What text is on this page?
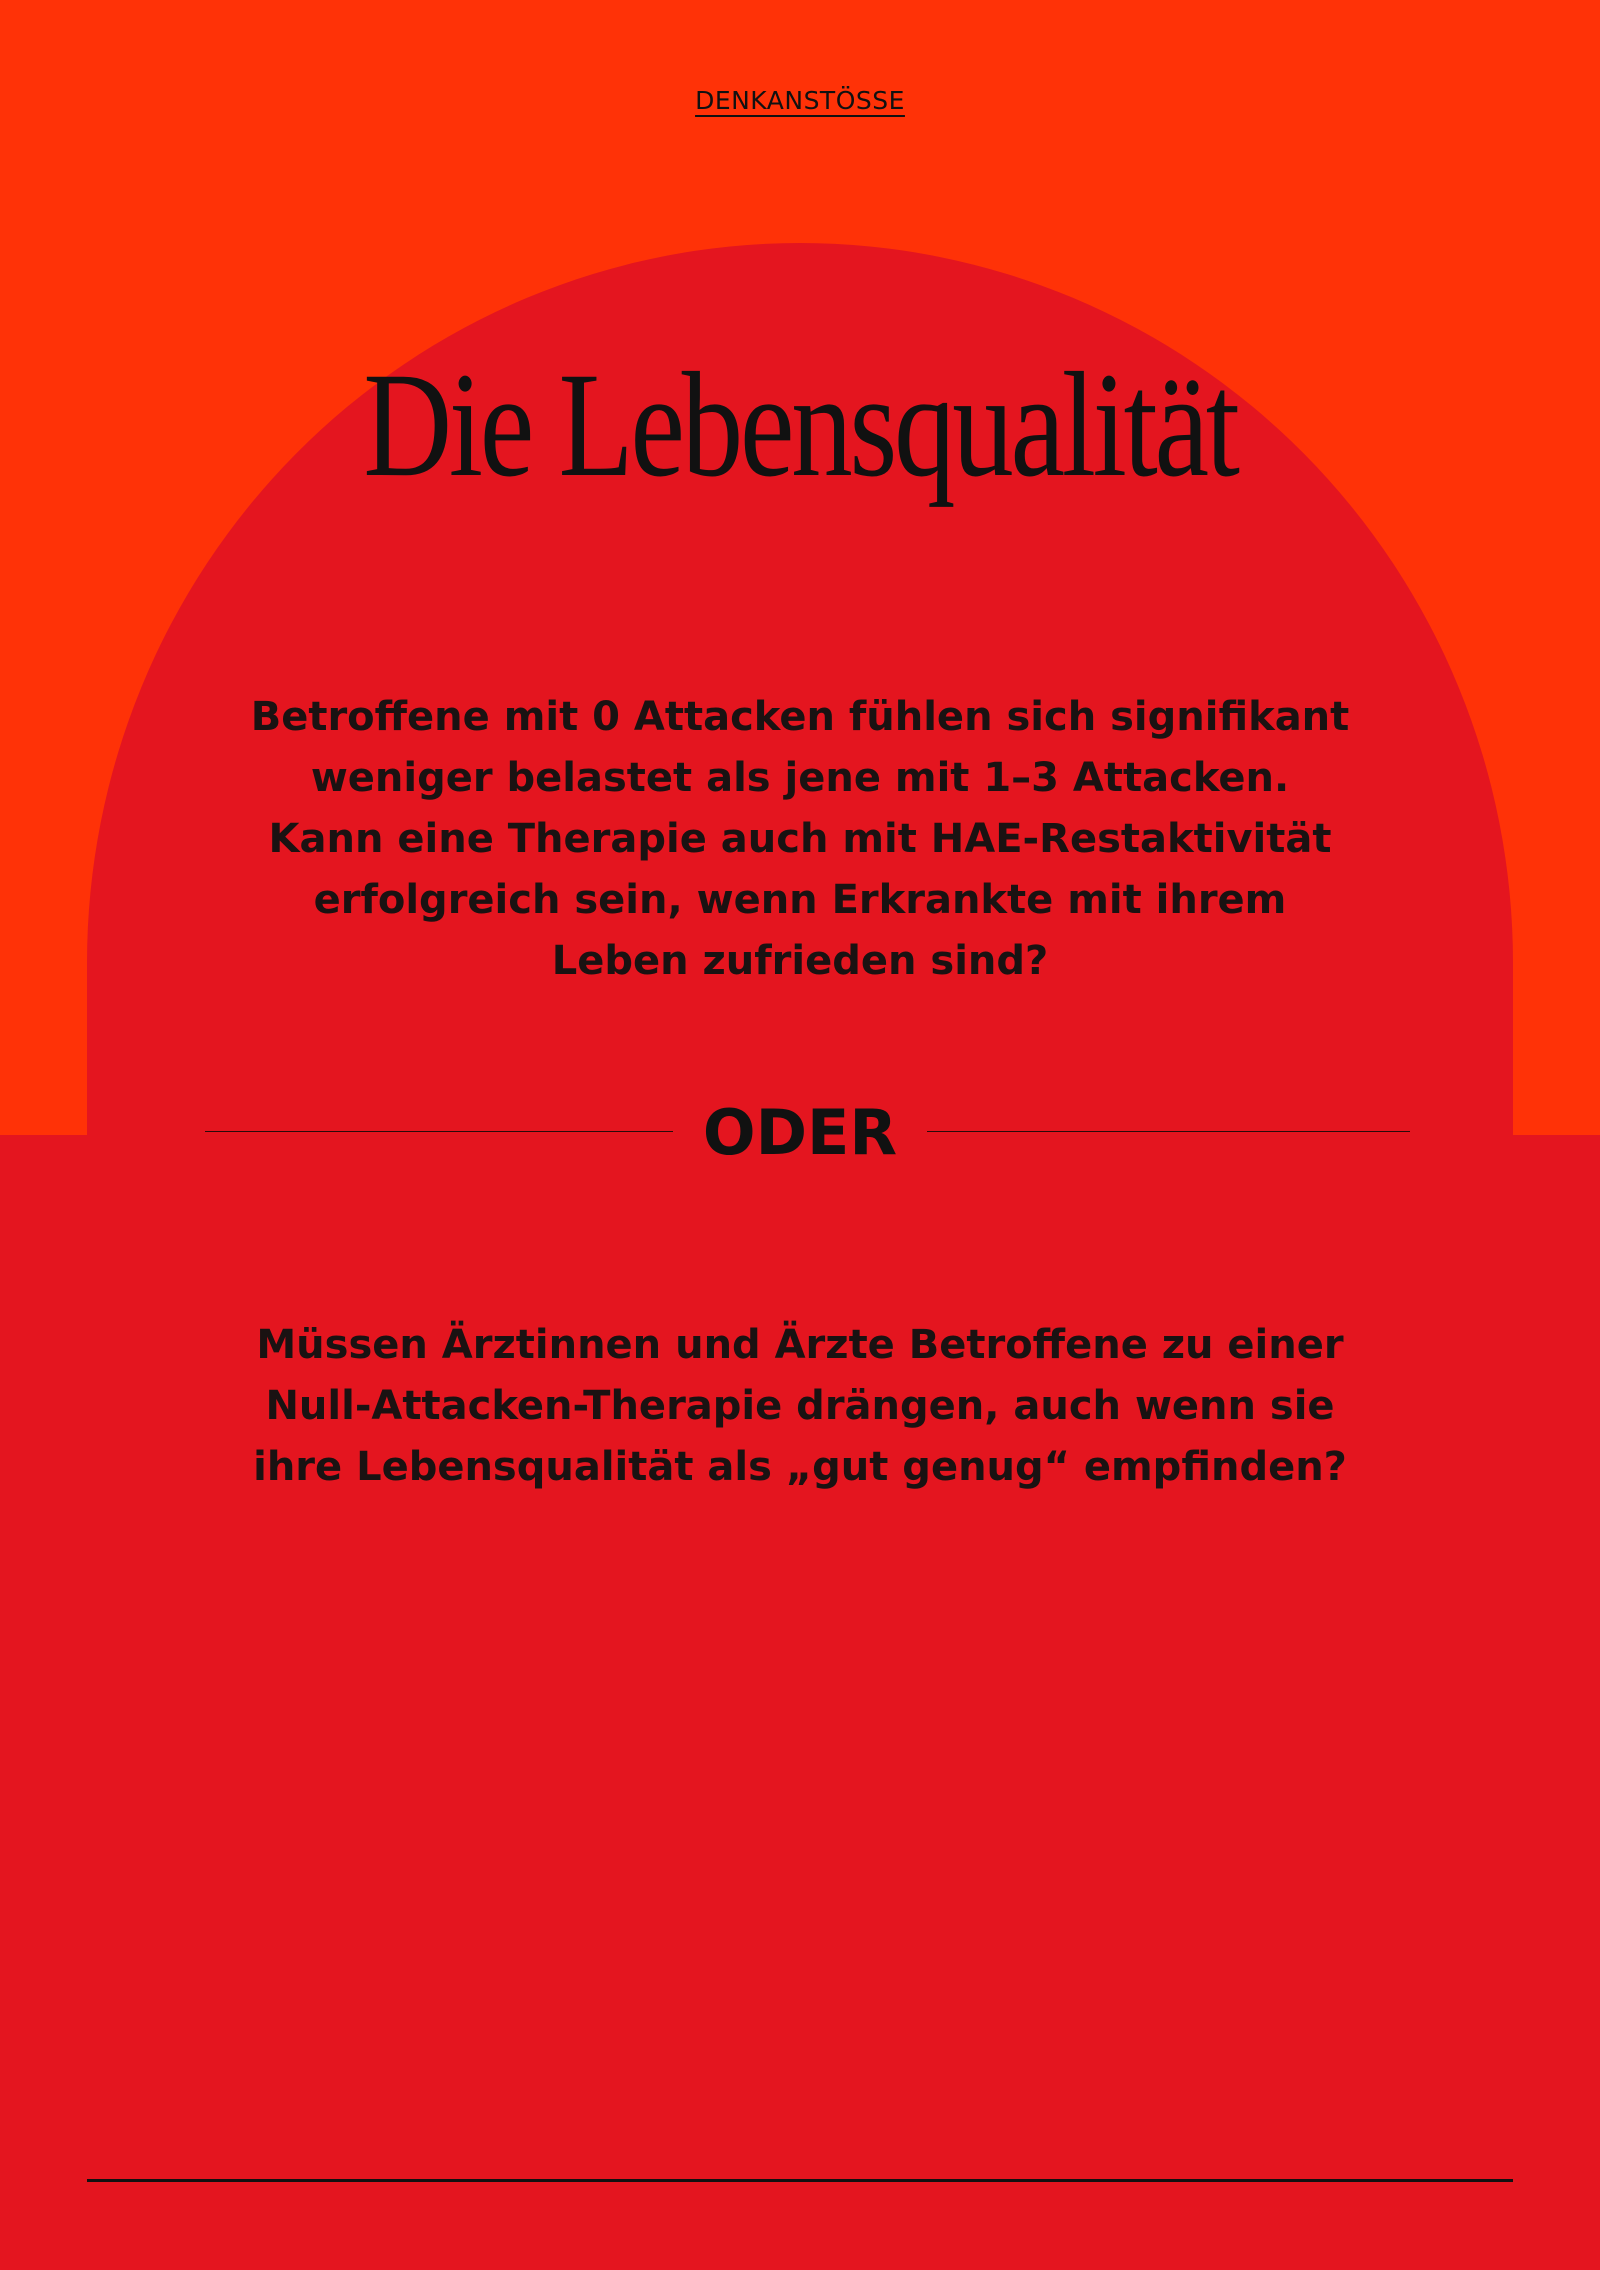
DENKANSTÖSSE
Die Lebensqualität

Betroffene mit 0 Attacken fühlen sich signifikant weniger belastet als jene mit 1–3 Attacken. Kann eine Therapie auch mit HAE-Restaktivität erfolgreich sein, wenn Erkrankte mit ihrem Leben zufrieden sind?

ODER

Müssen Ärztinnen und Ärzte Betroffene zu einer Null-Attacken-Therapie drängen, auch wenn sie ihre Lebensqualität als „gut genug“ empfinden?
